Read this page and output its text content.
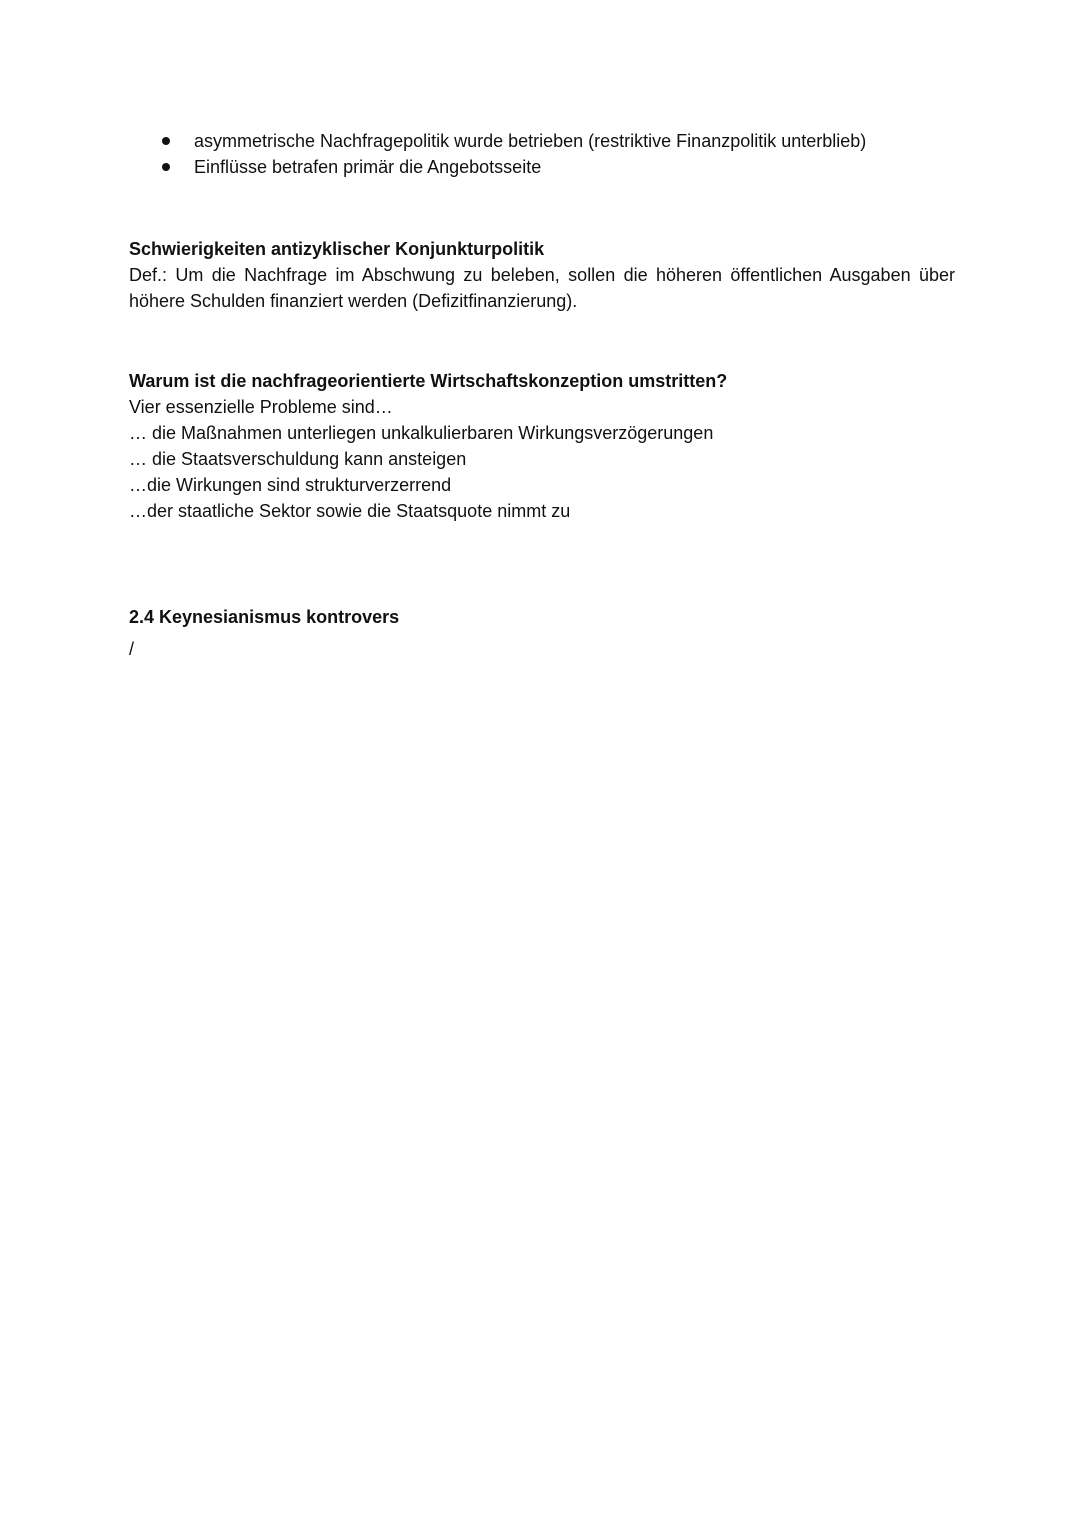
asymmetrische Nachfragepolitik wurde betrieben (restriktive Finanzpolitik unterblieb)
Einflüsse betrafen primär die Angebotsseite

Schwierigkeiten antizyklischer Konjunkturpolitik

Def.: Um die Nachfrage im Abschwung zu beleben, sollen die höheren öffentlichen Ausgaben über höhere Schulden finanziert werden (Defizitfinanzierung).

Warum ist die nachfrageorientierte Wirtschaftskonzeption umstritten?

Vier essenzielle Probleme sind…

… die Maßnahmen unterliegen unkalkulierbaren Wirkungsverzögerungen

… die Staatsverschuldung kann ansteigen

…die Wirkungen sind strukturverzerrend

…der staatliche Sektor sowie die Staatsquote nimmt zu

2.4 Keynesianismus kontrovers

/
